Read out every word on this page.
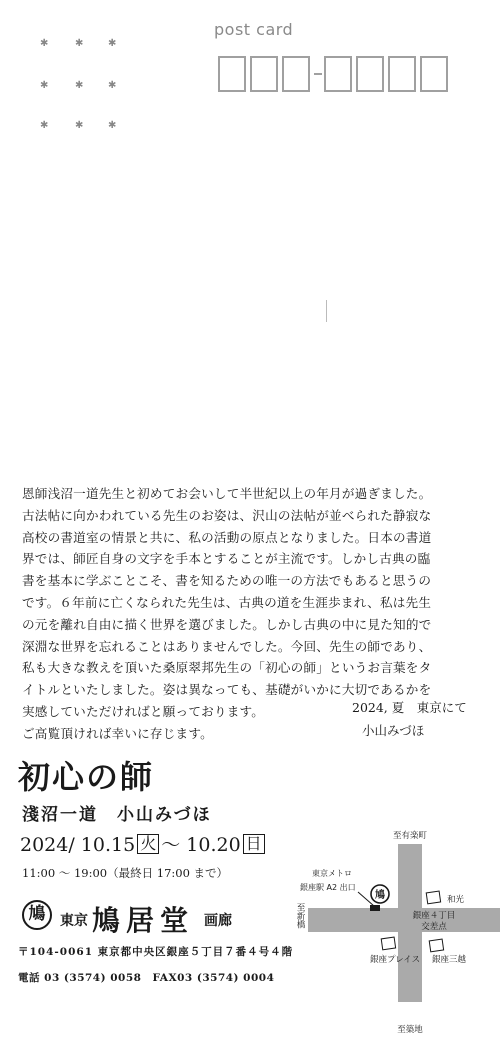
post card
✱	✱ ✱
✱	✱ ✱
✱	✱ ✱

恩師浅沼一道先生と初めてお会いして半世紀以上の年月が過ぎました。

古法帖に向かわれている先生のお姿は、沢山の法帖が並べられた静寂な

高校の書道室の情景と共に、私の活動の原点となりました。日本の書道

界では、師匠自身の文字を手本とすることが主流です。しかし古典の臨

書を基本に学ぶことこそ、書を知るための唯一の方法でもあると思うの

です。６年前に亡くなられた先生は、古典の道を生涯歩まれ、私は先生

の元を離れ自由に描く世界を選びました。しかし古典の中に見た知的で

深淵な世界を忘れることはありませんでした。今回、先生の師であり、

私も大きな教えを頂いた桑原翠邦先生の「初心の師」というお言葉をタ

イトルといたしました。姿は異なっても、基礎がいかに大切であるかを

実感していただければと願っております。

ご高覧頂ければ幸いに存じます。

2024, 夏　東京にて
小山みづほ
初心の師
淺沼一道　小山みづほ
2024/ 10.15 火 〜 10.20 日
11:00 ～ 19:00（最終日 17:00 まで）
鳩	東京 鳩居堂 画廊
〒104-0061 東京都中央区銀座５丁目７番４号４階
電話 03 (3574) 0058　FAX03 (3574) 0004
至有楽町
至築地
至新橋
東京メトロ
銀座駅 A2 出口
鳩
銀座４丁目
交差点
和光
銀座プレイス 銀座三越
